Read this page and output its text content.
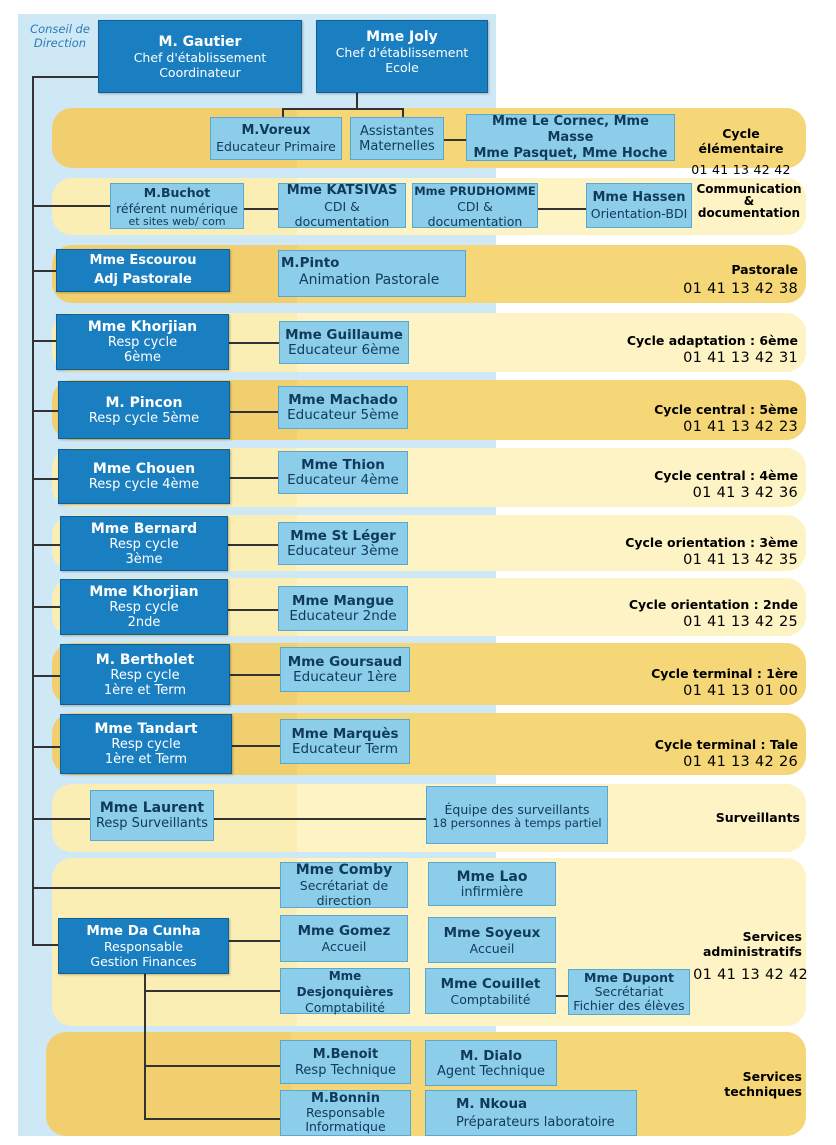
Conseil de
Direction	M. Gautier
Chef d'établissement Coordinateur
Mme Joly
Chef d'établissement Ecole
M.Voreux
Educateur Primaire
Assistantes
Maternelles
Mme Le Cornec, Mme Masse
Mme Pasquet, Mme Hoche
Cycle élémentaire
01 41 13 42 42
M.Buchot
référent numérique
et sites web/ com
Mme KATSIVAS
CDI & documentation
Mme PRUDHOMME
CDI & documentation
Mme Hassen
Orientation-BDI
Communication
&
documentation
Mme Escourou
Adj Pastorale
M.Pinto
Animation Pastorale
Pastorale
01 41 13 42 38
Mme Khorjian
Resp cycle
6ème
Mme Guillaume
Educateur 6ème
Cycle adaptation : 6ème
01 41 13 42 31
M. Pincon
Resp cycle 5ème
Mme Machado
Educateur 5ème	Cycle central : 5ème
01 41 13 42 23
Mme Chouen
Resp cycle 4ème
Mme Thion
Educateur 4ème	Cycle central : 4ème
01 41 3 42 36
Mme Bernard
Resp cycle
3ème
Mme St Léger
Educateur 3ème
Cycle orientation : 3ème
01 41 13 42 35
Mme Khorjian
Resp cycle
2nde
Mme Mangue
Educateur 2nde
Cycle orientation : 2nde
01 41 13 42 25
M. Bertholet
Resp cycle
1ère et Term
Mme Goursaud
Educateur 1ère	Cycle terminal : 1ère
01 41 13 01 00
Mme Tandart
Resp cycle
1ère et Term
Mme Marquès
Educateur Term	Cycle terminal : Tale
01 41 13 42 26
Mme Laurent
Resp Surveillants
Équipe des surveillants
18 personnes à temps partiel	Surveillants
Mme Da Cunha
Responsable
Gestion Finances
Mme Comby
Secrétariat de
direction
Mme Lao
infirmière
Mme Gomez
Accueil
Mme Soyeux
Accueil
Mme Desjonquières
Comptabilité
Mme Couillet
Comptabilité
Mme Dupont
Secrétariat
Fichier des élèves
Services
administratifs
01 41 13 42 42
M.Benoit
Resp Technique
M. Dialo
Agent Technique
M.Bonnin
Responsable
Informatique
M. Nkoua
Préparateurs laboratoire
Services
techniques
